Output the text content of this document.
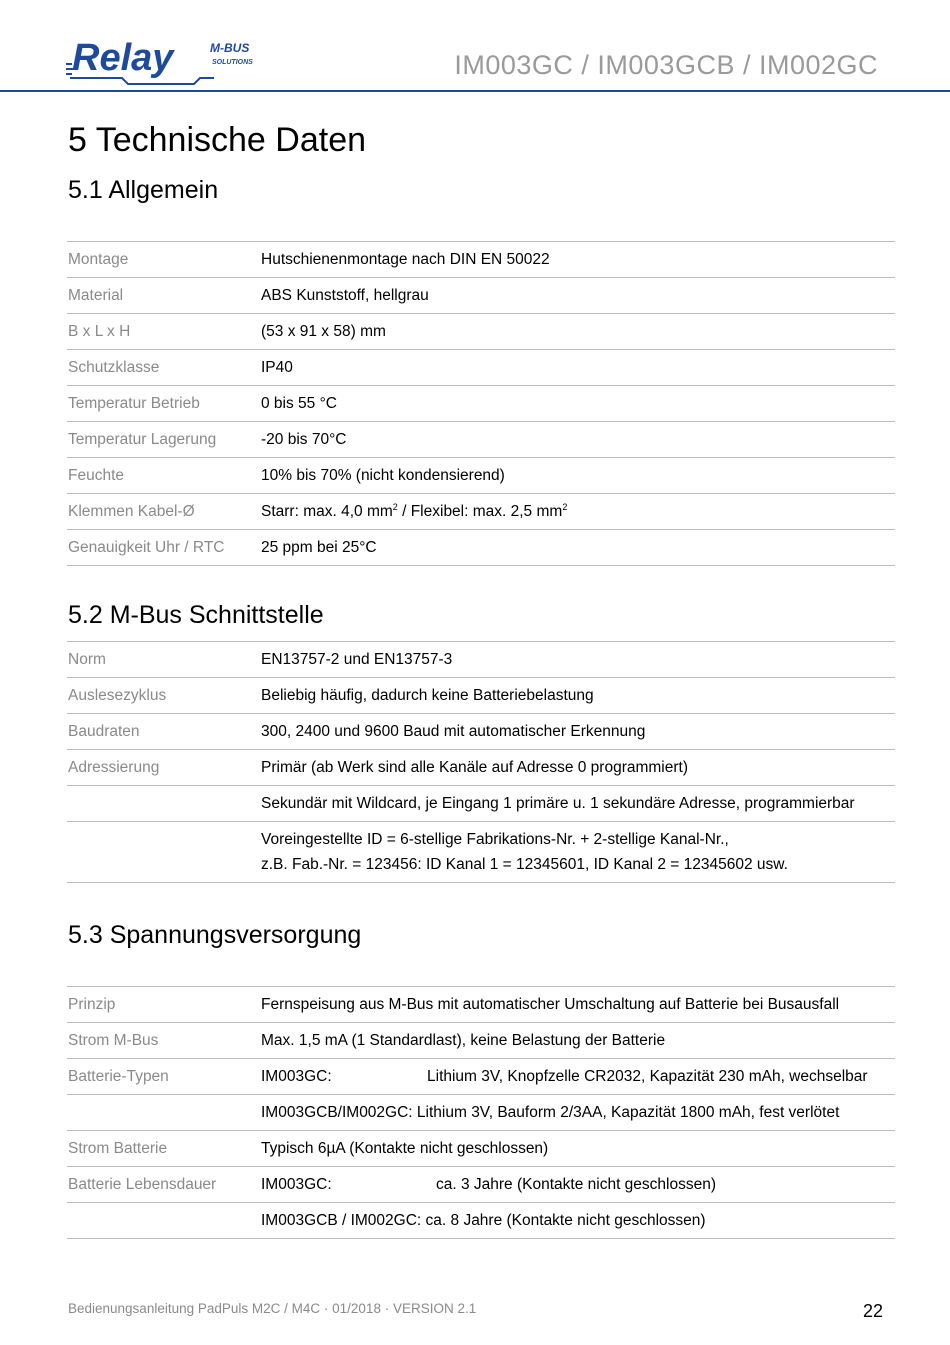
Relay	M-BUS
SOLUTIONS	IM003GC / IM003GCB / IM002GC
5 Technische Daten
5.1 Allgemein
Montage	Hutschienenmontage nach DIN EN 50022
Material	ABS Kunststoff, hellgrau
B x L x H	(53 x 91 x 58) mm
Schutzklasse	IP40
Temperatur Betrieb	0 bis 55 °C
Temperatur Lagerung	-20 bis 70°C
Feuchte	10% bis 70% (nicht kondensierend)
Klemmen Kabel-Ø	Starr: max. 4,0 $mm^2$ / Flexibel: max. 2,5 $mm^2$
Genauigkeit Uhr / RTC	25 ppm bei 25°C
5.2 M-Bus Schnittstelle
Norm	EN13757-2 und EN13757-3
Auslesezyklus	Beliebig häufig, dadurch keine Batteriebelastung
Baudraten	300, 2400 und 9600 Baud mit automatischer Erkennung
Adressierung	Primär (ab Werk sind alle Kanäle auf Adresse 0 programmiert)
Sekundär mit Wildcard, je Eingang 1 primäre u. 1 sekundäre Adresse, programmierbar
Voreingestellte ID = 6-stellige Fabrikations-Nr. + 2-stellige Kanal-Nr.,
z.B. Fab.-Nr. = 123456: ID Kanal 1 = 12345601, ID Kanal 2 = 12345602 usw.
5.3 Spannungsversorgung
Prinzip	Fernspeisung aus M-Bus mit automatischer Umschaltung auf Batterie bei Busausfall
Strom M-Bus	Max. 1,5 mA (1 Standardlast), keine Belastung der Batterie
Batterie-Typen	IM003GC:	Lithium 3V, Knopfzelle CR2032, Kapazität 230 mAh, wechselbar
IM003GCB/IM002GC: Lithium 3V, Bauform 2/3AA, Kapazität 1800 mAh, fest verlötet
Strom Batterie	Typisch 6µA (Kontakte nicht geschlossen)
Batterie Lebensdauer	IM003GC:	ca. 3 Jahre (Kontakte nicht geschlossen)
IM003GCB / IM002GC: ca. 8 Jahre (Kontakte nicht geschlossen)
Bedienungsanleitung PadPuls M2C / M4C · 01/2018 · VERSION 2.1	22
